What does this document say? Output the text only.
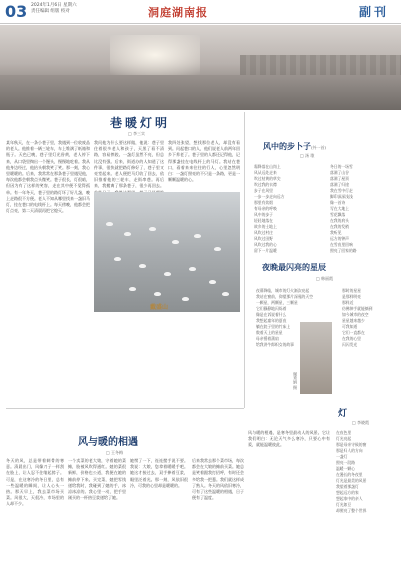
03 2024年1月6日 星期六
责任编辑 组版 校对	洞庭湖南报	副刊
巷暖灯明
□ 李三实
某年秋天，在一条小巷子里，我遇到一位收废品的老人。他推着一辆三轮车，车上堆满了纸箱和瓶子。天色已晚，巷子里灯光昏黄，老人停下来，从口袋里掏出一个馒头，慢慢地吃着。我从他身边经过，他抬头朝我笑了笑。那一刻，我心里暖暖的。后来，我常常在那条巷子里遇见他，每次他都会朝我点头微笑。巷子很长，灯很暗，但因为有了这样的笑容，走在其中便不觉得孤单。有一年冬天，巷子里的路灯坏了好几盏，晚上走路很不方便。老人不知从哪里找来一盏旧马灯，挂在巷口的电线杆上。每天傍晚，他都会把灯点亮，第二天清晨再把它熄灭。
我问他为什么要这样做，他说：巷子里住着很多老人和孩子，天黑了看不清路，容易摔跤。一盏灯虽然不亮，但总比没有强。后来，街道办的人知道了这件事，很快就把路灯修好了，巷子里又亮堂起来。老人便把马灯收了回去，依旧推着他的三轮车，走街串巷。再后来，我搬离了那条巷子，很少再回去。
我四处张望，想找那位老人，却没有看到。问起巷口的人，他们说老人前两年回乡下养老了。巷子里的人都还记得他，记得那盏挂在电线杆上的马灯。我站在巷口，看着来来往往的行人，心里忽然明白：一盏灯照亮的不只是一条路，更是一颗颗温暖的心。
戴盛山
风中的步卜子(外一首)
□ 汤 歌
霜降落在山岗上
风从远处走来
吹过枯黄的草尖
吹过我的衣襟
步子在风里
一步一步走向远方
那里有炊烟
有母亲的呼唤
风中的步子
轻轻地落在
故乡的土地上
风吹过村庄
风吹过田野
风吹过我的心
留下一片温暖
冬日的一场雪
落满了山谷
落满了屋顶
落满了归途
我在雪中行走
脚印深深浅浅
像一首诗
写在大地上
雪花飘落
在我的肩头
在我的发梢
我听见
远方的钟声
在雪夜里回响
照亮了回家的路
夜晚最闪亮的星辰
□ 韩丽霞
夜幕降临，城市的灯火渐次亮起
我站在窗前，仰望那片深邃的天空
一颗星，两颗星，三颗星
它们静静地闪烁着
像是在诉说着什么
我想起童年的夏夜
躺在院子里的竹床上
数着天上的星星
母亲摇着蒲扇
给我讲牛郎织女的故事
那时的星星
是那样明亮
那样近
仿佛伸手就能摘到
如今城市的夜空
星星越来越少
可我知道
它们一直都在
在我的心里
闪闪发光
谢秀娟 摄
灯
□ 李晓霞
风与暖的相遇
□ 王冬梅
冬天的风，总是带着刺骨的寒意。清晨出门，风像刀子一样刮在脸上，让人忍不住缩起脖子。可是，在这寒冷的冬日里，总有一些温暖的瞬间，让人心头一热。那天早上，我去菜市场买菜。风很大，天很冷，市场里的人却不少。
一个卖菜的老大娘，守着她的菜摊，脸被风吹得通红。她的菜很新鲜，价格也公道，我便在她的摊前停下来。买完菜，她把零钱递给我时，我碰到了她的手，冰凉冰凉的。我心里一动，把手里刚买的一杯热豆浆递给了她。
她愣了一下，连连摆手说不要。我说：大娘，您拿着暖暖手吧。她这才接过去，双手捧着豆浆，眼里泛着光。那一刻，风依旧很冷，可我的心里却是暖暖的。
后来我常去那个菜市场，每次都会在大娘的摊前买菜。她总是笑着跟我打招呼，有时还会多给我一把葱。我们就这样成了熟人。冬天的风依旧寒冷，可有了这些温暖的相遇，日子便有了温度。
风与暖的相遇，是寒冬里最动人的风景。它让我们明白：无论天气多么寒冷，只要心中有爱，就能温暖彼此。
在夜色里
灯光亮起
那是母亲守候的窗
那是归人的方向
一盏灯
照亮一段路
温暖一颗心
在漫长的冬夜里
灯光是最美的风景
我望着那盏灯
想起远方的家
想起家中的亲人
灯光如豆
却照亮了整个世界
